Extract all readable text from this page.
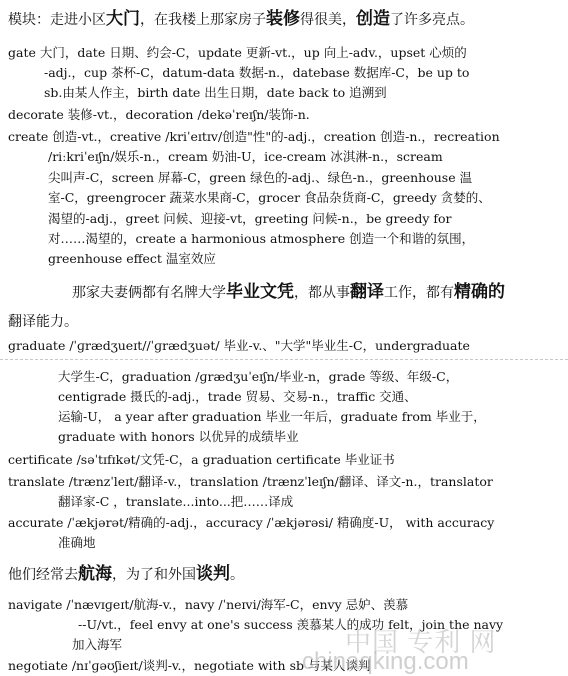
模块：走进小区大门，在我楼上那家房子装修得很美，创造了许多亮点。
gate 大门，date 日期、约会-C，update 更新-vt.，up 向上-adv.，upset 心烦的
-adj.，cup 茶杯-C，datum-data 数据-n.，datebase 数据库-C，be up to
sb.由某人作主，birth date 出生日期，date back to 追溯到
decorate 装修-vt.，decoration /dekəˈreɪʃn/装饰-n.
create 创造-vt.，creative /kriˈeɪtɪv/创造"性"的-adj.，creation 创造-n.，recreation
/riːkriˈeɪʃn/娱乐-n.，cream 奶油-U，ice-cream 冰淇淋-n.，scream
尖叫声-C，screen 屏幕-C，green 绿色的-adj.、绿色-n.，greenhouse 温
室-C，greengrocer 蔬菜水果商-C，grocer 食品杂货商-C，greedy 贪婪的、
渴望的-adj.，greet 问候、迎接-vt，greeting 问候-n.，be greedy for
对……渴望的，create a harmonious atmosphere 创造一个和谐的氛围，
greenhouse effect 温室效应
那家夫妻俩都有名牌大学毕业文凭，都从事翻译工作，都有精确的
翻译能力。
graduate /ˈɡrædʒueɪt//ˈɡrædʒuət/ 毕业-v.、"大学"毕业生-C，undergraduate
大学生-C，graduation /ɡrædʒuˈeɪʃn/毕业-n，grade 等级、年级-C，
centigrade 摄氏的-adj.，trade 贸易、交易-n.，traffic 交通、
运输-U， a year after graduation 毕业一年后，graduate from 毕业于，
graduate with honors 以优异的成绩毕业
certificate /səˈtɪfɪkət/文凭-C，a graduation certificate 毕业证书
translate /trænzˈleɪt/翻译-v.，translation /trænzˈleɪʃn/翻译、译文-n.，translator
翻译家-C ，translate...into...把……译成
accurate /ˈækjərət/精确的-adj.，accuracy /ˈækjərəsi/ 精确度-U， with accuracy
准确地
他们经常去航海，为了和外国谈判。
navigate /ˈnævɪɡeɪt/航海-v.，navy /ˈneɪvi/海军-C，envy 忌妒、羡慕
--U/vt.，feel envy at one's success 羡慕某人的成功 felt，join the navy
加入海军
negotiate /nɪˈɡəʊʃieɪt/谈判-v.，negotiate with sb 与某人谈判
中国 专利 网
chinaqking.com
